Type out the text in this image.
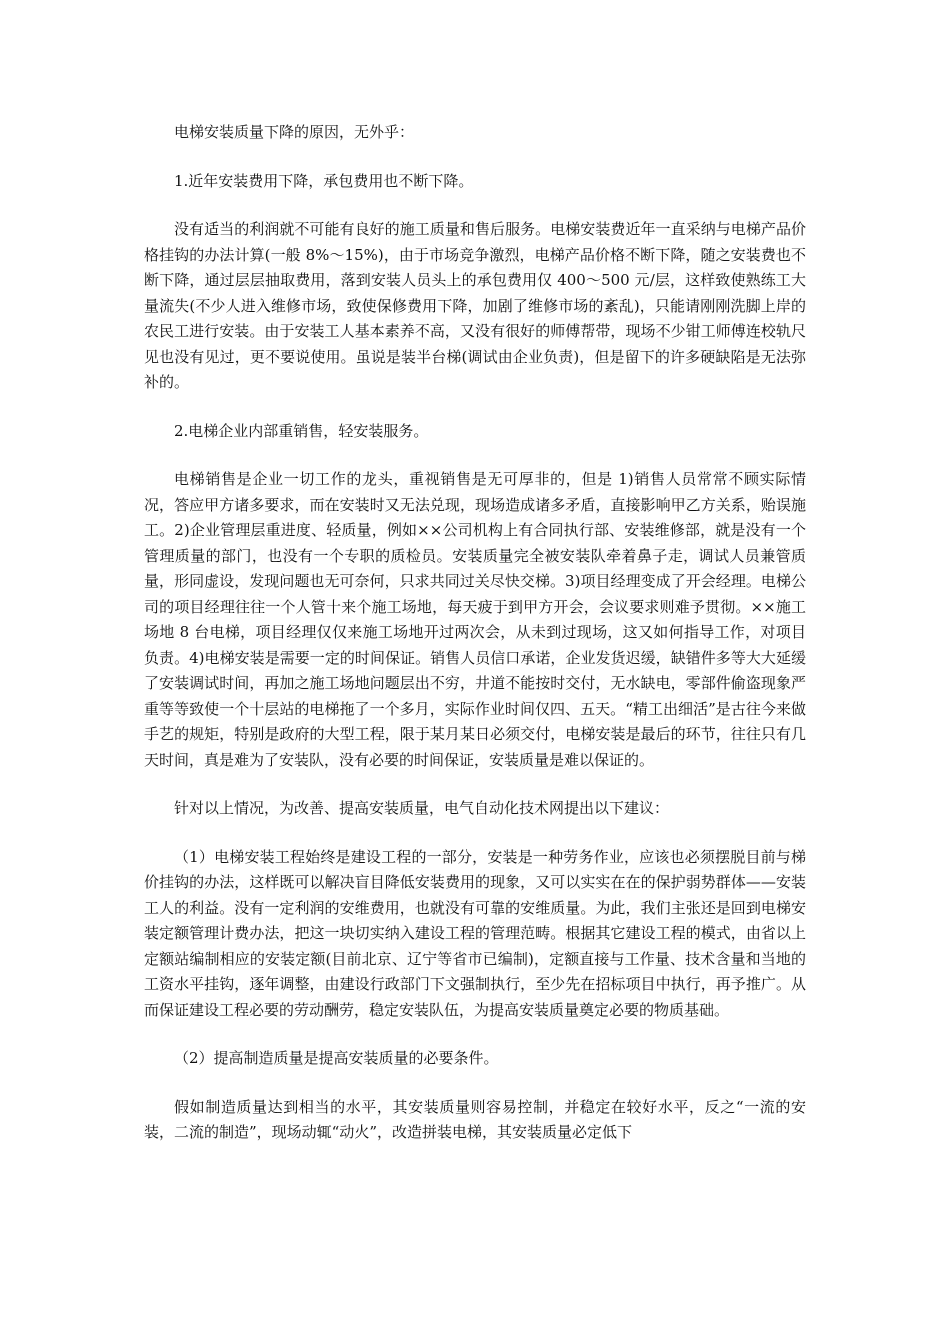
电梯安装质量下降的原因，无外乎：

1.近年安装费用下降，承包费用也不断下降。

没有适当的利润就不可能有良好的施工质量和售后服务。电梯安装费近年一直采纳与电梯产品价格挂钩的办法计算(一般 8%～15%)，由于市场竞争激烈，电梯产品价格不断下降，随之安装费也不断下降，通过层层抽取费用，落到安装人员头上的承包费用仅 400～500 元/层，这样致使熟练工大量流失(不少人进入维修市场，致使保修费用下降，加剧了维修市场的紊乱)，只能请刚刚洗脚上岸的农民工进行安装。由于安装工人基本素养不高，又没有很好的师傅帮带，现场不少钳工师傅连校轨尺见也没有见过，更不要说使用。虽说是装半台梯(调试由企业负责)，但是留下的许多硬缺陷是无法弥补的。

2.电梯企业内部重销售，轻安装服务。

电梯销售是企业一切工作的龙头，重视销售是无可厚非的，但是 1)销售人员常常不顾实际情况，答应甲方诸多要求，而在安装时又无法兑现，现场造成诸多矛盾，直接影响甲乙方关系，贻误施工。2)企业管理层重进度、轻质量，例如××公司机构上有合同执行部、安装维修部，就是没有一个管理质量的部门，也没有一个专职的质检员。安装质量完全被安装队牵着鼻子走，调试人员兼管质量，形同虚设，发现问题也无可奈何，只求共同过关尽快交梯。3)项目经理变成了开会经理。电梯公司的项目经理往往一个人管十来个施工场地，每天疲于到甲方开会，会议要求则难予贯彻。××施工场地 8 台电梯，项目经理仅仅来施工场地开过两次会，从未到过现场，这又如何指导工作，对项目负责。4)电梯安装是需要一定的时间保证。销售人员信口承诺，企业发货迟缓，缺错件多等大大延缓了安装调试时间，再加之施工场地问题层出不穷，井道不能按时交付，无水缺电，零部件偷盗现象严重等等致使一个十层站的电梯拖了一个多月，实际作业时间仅四、五天。“精工出细活”是古往今来做手艺的规矩，特别是政府的大型工程，限于某月某日必须交付，电梯安装是最后的环节，往往只有几天时间，真是难为了安装队，没有必要的时间保证，安装质量是难以保证的。

针对以上情况，为改善、提高安装质量，电气自动化技术网提出以下建议：

（1）电梯安装工程始终是建设工程的一部分，安装是一种劳务作业，应该也必须摆脱目前与梯价挂钩的办法，这样既可以解决盲目降低安装费用的现象，又可以实实在在的保护弱势群体——安装工人的利益。没有一定利润的安维费用，也就没有可靠的安维质量。为此，我们主张还是回到电梯安装定额管理计费办法，把这一块切实纳入建设工程的管理范畴。根据其它建设工程的模式，由省以上定额站编制相应的安装定额(目前北京、辽宁等省市已编制)，定额直接与工作量、技术含量和当地的工资水平挂钩，逐年调整，由建设行政部门下文强制执行，至少先在招标项目中执行，再予推广。从而保证建设工程必要的劳动酬劳，稳定安装队伍，为提高安装质量奠定必要的物质基础。

（2）提高制造质量是提高安装质量的必要条件。

假如制造质量达到相当的水平，其安装质量则容易控制，并稳定在较好水平，反之“一流的安装，二流的制造”，现场动辄“动火”，改造拼装电梯，其安装质量必定低下
